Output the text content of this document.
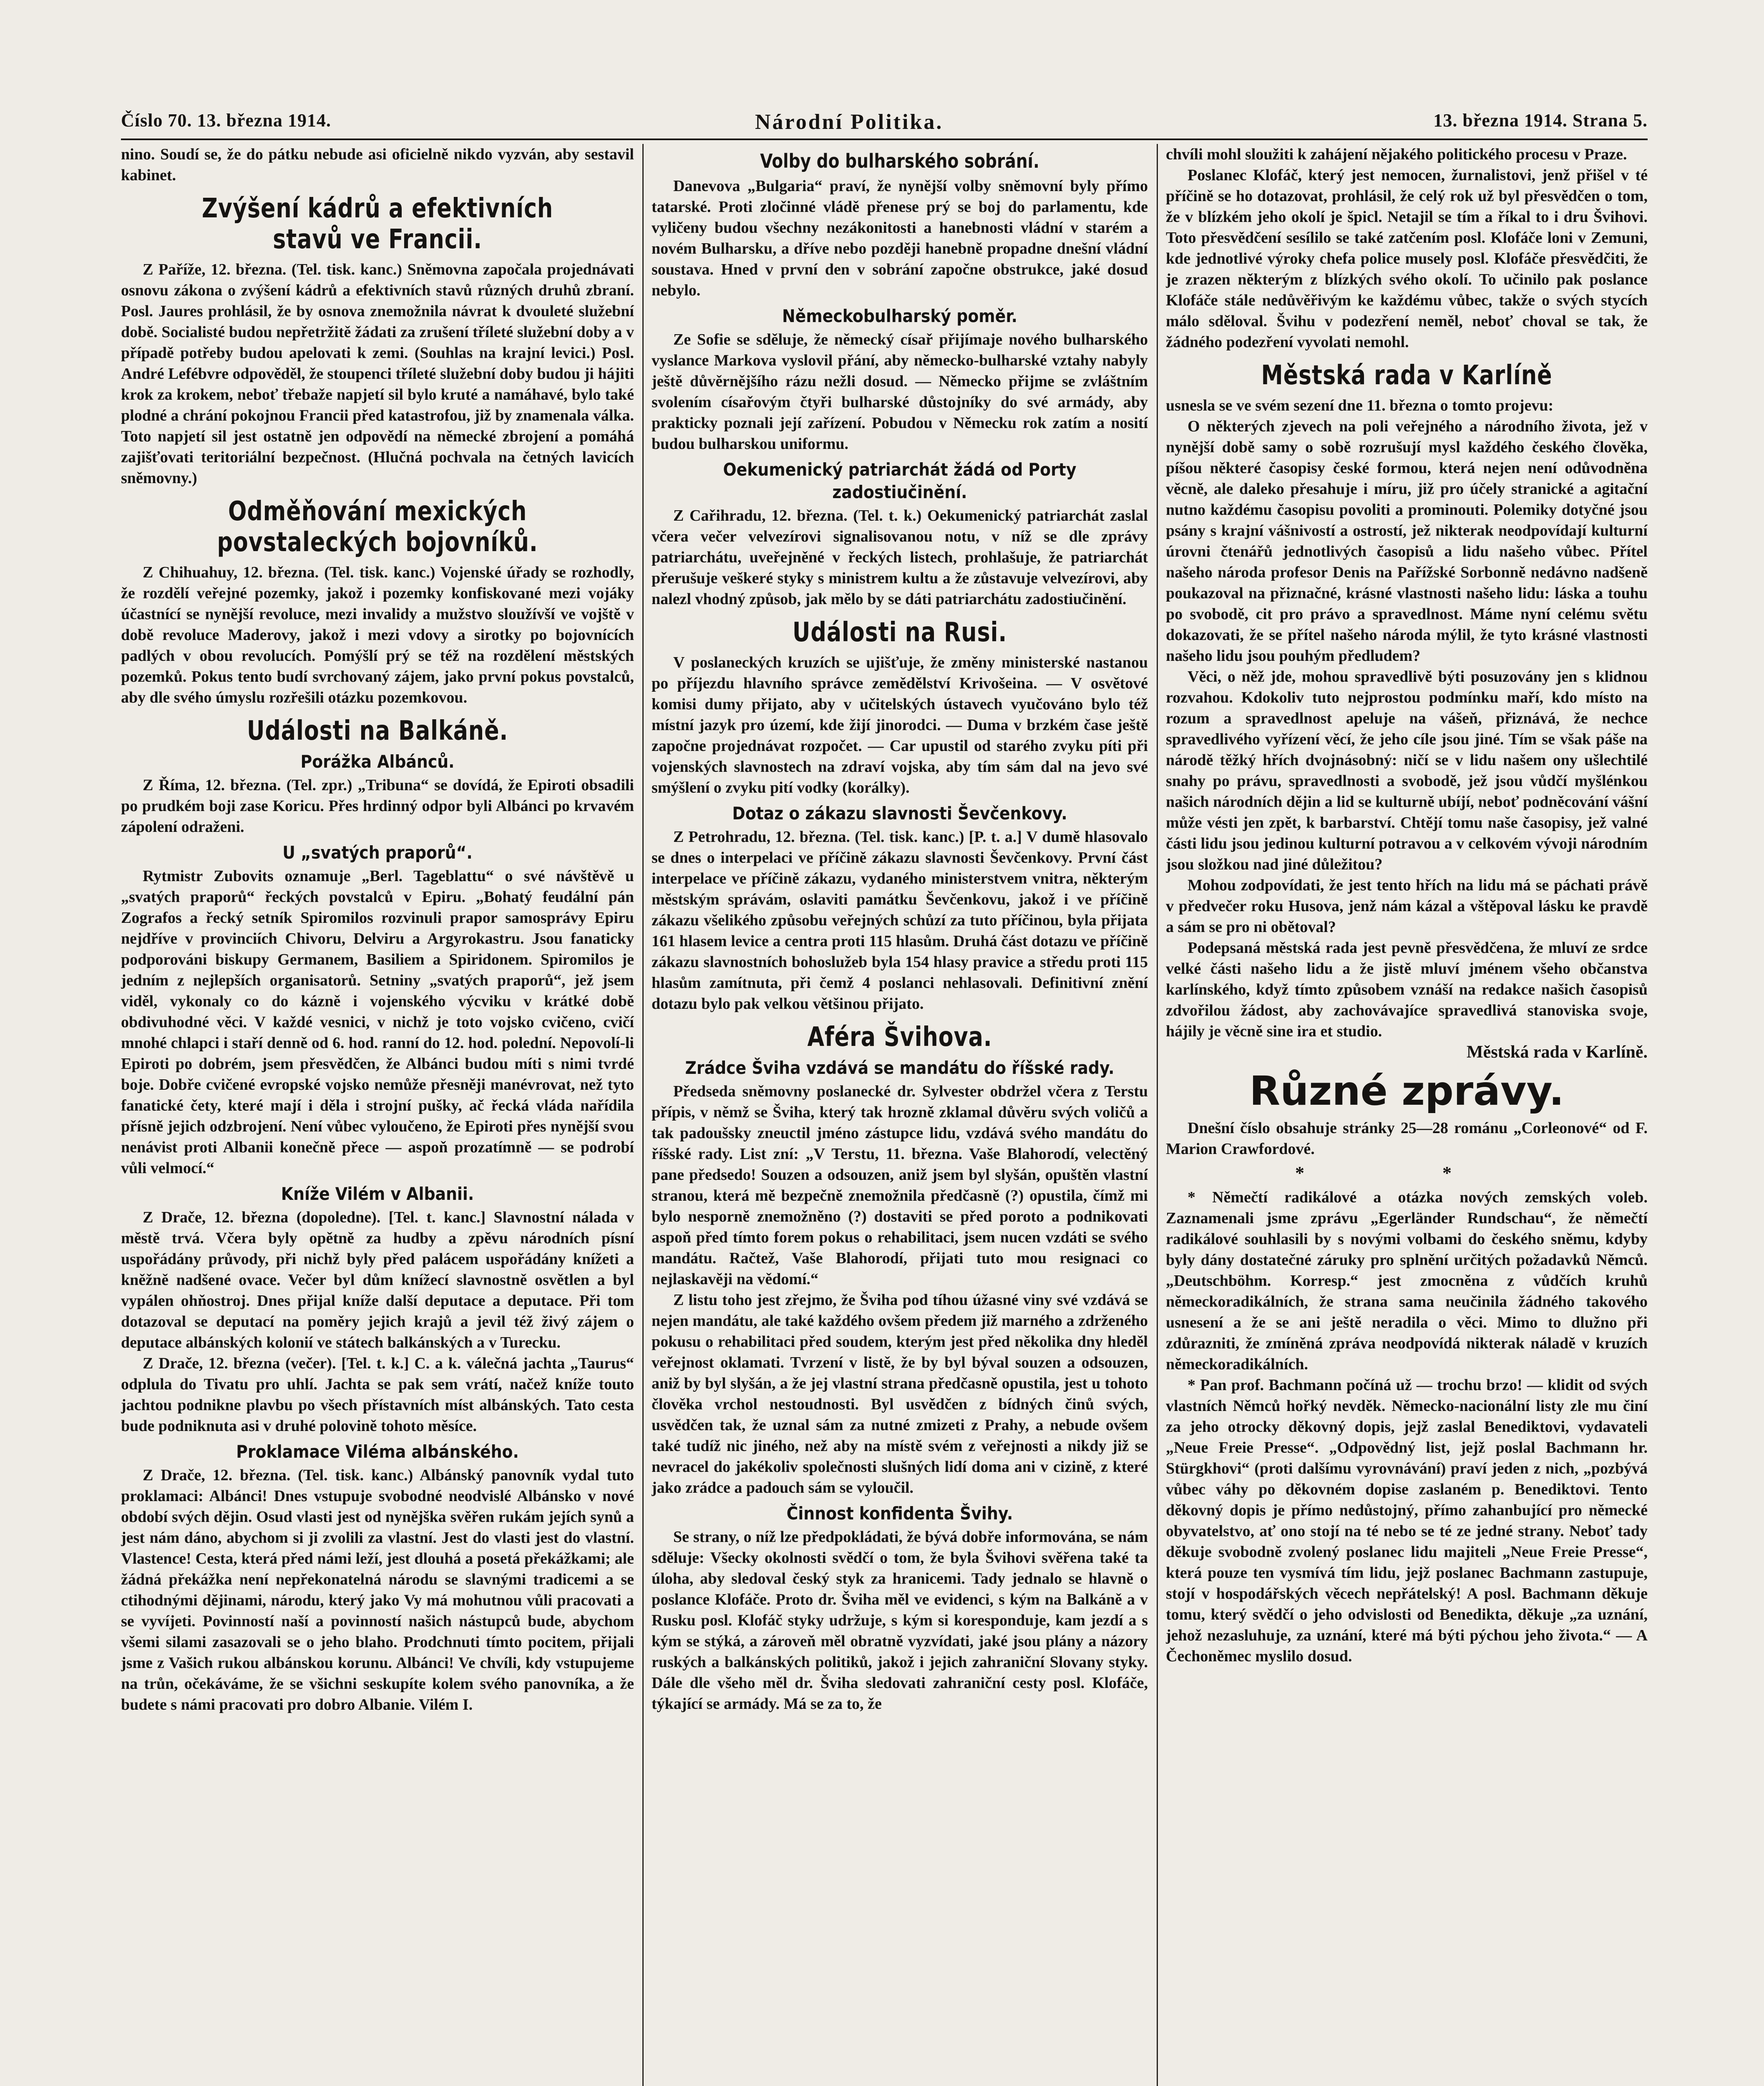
Číslo 70. 13. března 1914.	Národní Politika.	13. března 1914. Strana 5.

nino. Soudí se, že do pátku nebude asi oficielně nikdo vyzván, aby sestavil kabinet.

Zvýšení kádrů a efektivních stavů ve Francii.

Z Paříže, 12. března. (Tel. tisk. kanc.) Sněmovna započala projednávati osnovu zákona o zvýšení kádrů a efektivních stavů různých druhů zbraní. Posl. Jaures prohlásil, že by osnova znemožnila návrat k dvouleté služební době. Socialisté budou nepřetržitě žádati za zrušení tříleté služební doby a v případě potřeby budou apelovati k zemi. (Souhlas na krajní levici.) Posl. André Lefébvre odpověděl, že stoupenci tříleté služební doby budou ji hájiti krok za krokem, neboť třebaže napjetí sil bylo kruté a namáhavé, bylo také plodné a chrání pokojnou Francii před katastrofou, již by znamenala válka. Toto napjetí sil jest ostatně jen odpovědí na německé zbrojení a pomáhá zajišťovati teritoriální bezpečnost. (Hlučná pochvala na četných lavicích sněmovny.)

Odměňování mexických povstaleckých bojovníků.

Z Chihuahuy, 12. března. (Tel. tisk. kanc.) Vojenské úřady se rozhodly, že rozdělí veřejné pozemky, jakož i pozemky konfiskované mezi vojáky účastnící se nynější revoluce, mezi invalidy a mužstvo sloužívší ve vojště v době revoluce Maderovy, jakož i mezi vdovy a sirotky po bojovnících padlých v obou revolucích. Pomýšlí prý se též na rozdělení městských pozemků. Pokus tento budí svrchovaný zájem, jako první pokus povstalců, aby dle svého úmyslu rozřešili otázku pozemkovou.

Události na Balkáně.
Porážka Albánců.

Z Říma, 12. března. (Tel. zpr.) „Tribuna“ se dovídá, že Epiroti obsadili po prudkém boji zase Koricu. Přes hrdinný odpor byli Albánci po krvavém zápolení odraženi.

U „svatých praporů“.

Rytmistr Zubovits oznamuje „Berl. Tageblattu“ o své návštěvě u „svatých praporů“ řeckých povstalců v Epiru. „Bohatý feudální pán Zografos a řecký setník Spiromilos rozvinuli prapor samosprávy Epiru nejdříve v provinciích Chivoru, Delviru a Argyrokastru. Jsou fanaticky podporováni biskupy Germanem, Basiliem a Spiridonem. Spiromilos je jedním z nejlepších organisatorů. Setniny „svatých praporů“, jež jsem viděl, vykonaly co do kázně i vojenského výcviku v krátké době obdivuhodné věci. V každé vesnici, v nichž je toto vojsko cvičeno, cvičí mnohé chlapci i staří denně od 6. hod. ranní do 12. hod. polední. Nepovolí-li Epiroti po dobrém, jsem přesvědčen, že Albánci budou míti s nimi tvrdé boje. Dobře cvičené evropské vojsko nemůže přesněji manévrovat, než tyto fanatické čety, které mají i děla i strojní pušky, ač řecká vláda nařídila přísně jejich odzbrojení. Není vůbec vyloučeno, že Epiroti přes nynější svou nenávist proti Albanii konečně přece — aspoň prozatímně — se podrobí vůli velmocí.“

Kníže Vilém v Albanii.

Z Drače, 12. března (dopoledne). [Tel. t. kanc.] Slavnostní nálada v městě trvá. Včera byly opětně za hudby a zpěvu národních písní uspořádány průvody, při nichž byly před palácem uspořádány knížeti a kněžně nadšené ovace. Večer byl dům knížecí slavnostně osvětlen a byl vypálen ohňostroj. Dnes přijal kníže další deputace a deputace. Při tom dotazoval se deputací na poměry jejich krajů a jevil též živý zájem o deputace albánských kolonií ve státech balkánských a v Turecku.

Z Drače, 12. března (večer). [Tel. t. k.] C. a k. válečná jachta „Taurus“ odplula do Tivatu pro uhlí. Jachta se pak sem vrátí, načež kníže touto jachtou podnikne plavbu po všech přístavních míst albánských. Tato cesta bude podniknuta asi v druhé polovině tohoto měsíce.

Proklamace Viléma albánského.

Z Drače, 12. března. (Tel. tisk. kanc.) Albánský panovník vydal tuto proklamaci: Albánci! Dnes vstupuje svobodné neodvislé Albánsko v nové období svých dějin. Osud vlasti jest od nynějška svěřen rukám jejích synů a jest nám dáno, abychom si ji zvolili za vlastní. Jest do vlasti jest do vlastní. Vlastence! Cesta, která před námi leží, jest dlouhá a posetá překážkami; ale žádná překážka není nepřekonatelná národu se slavnými tradicemi a se ctihodnými dějinami, národu, který jako Vy má mohutnou vůli pracovati a se vyvíjeti. Povinností naší a povinností našich nástupců bude, abychom všemi silami zasazovali se o jeho blaho. Prodchnuti tímto pocitem, přijali jsme z Vašich rukou albánskou korunu. Albánci! Ve chvíli, kdy vstupujeme na trůn, očekáváme, že se všichni seskupíte kolem svého panovníka, a že budete s námi pracovati pro dobro Albanie. Vilém I.

Volby do bulharského sobrání.

Danevova „Bulgaria“ praví, že nynější volby sněmovní byly přímo tatarské. Proti zločinné vládě přenese prý se boj do parlamentu, kde vyličeny budou všechny nezákonitosti a hanebnosti vládní v starém a novém Bulharsku, a dříve nebo později hanebně propadne dnešní vládní soustava. Hned v první den v sobrání započne obstrukce, jaké dosud nebylo.

Německobulharský poměr.

Ze Sofie se sděluje, že německý císař přijímaje nového bulharského vyslance Markova vyslovil přání, aby německo-bulharské vztahy nabyly ještě důvěrnějšího rázu nežli dosud. — Německo přijme se zvláštním svolením císařovým čtyři bulharské důstojníky do své armády, aby prakticky poznali její zařízení. Pobudou v Německu rok zatím a nosití budou bulharskou uniformu.

Oekumenický patriarchát žádá od Porty zadostiučinění.

Z Cařihradu, 12. března. (Tel. t. k.) Oekumenický patriarchát zaslal včera večer velvezírovi signalisovanou notu, v níž se dle zprávy patriarchátu, uveřejněné v řeckých listech, prohlašuje, že patriarchát přerušuje veškeré styky s ministrem kultu a že zůstavuje velvezírovi, aby nalezl vhodný způsob, jak mělo by se dáti patriarchátu zadostiučinění.

Události na Rusi.

V poslaneckých kruzích se ujišťuje, že změny ministerské nastanou po příjezdu hlavního správce zemědělství Krivošeina. — V osvětové komisi dumy přijato, aby v učitelských ústavech vyučováno bylo též místní jazyk pro území, kde žijí jinorodci. — Duma v brzkém čase ještě započne projednávat rozpočet. — Car upustil od starého zvyku píti při vojenských slavnostech na zdraví vojska, aby tím sám dal na jevo své smýšlení o zvyku pití vodky (korálky).

Dotaz o zákazu slavnosti Ševčenkovy.

Z Petrohradu, 12. března. (Tel. tisk. kanc.) [P. t. a.] V dumě hlasovalo se dnes o interpelaci ve příčině zákazu slavnosti Ševčenkovy. První část interpelace ve příčině zákazu, vydaného ministerstvem vnitra, některým městským správám, oslaviti památku Ševčenkovu, jakož i ve příčině zákazu všelikého způsobu veřejných schůzí za tuto příčinou, byla přijata 161 hlasem levice a centra proti 115 hlasům. Druhá část dotazu ve příčině zákazu slavnostních bohoslužeb byla 154 hlasy pravice a středu proti 115 hlasům zamítnuta, při čemž 4 poslanci nehlasovali. Definitivní znění dotazu bylo pak velkou většinou přijato.

Aféra Švihova.
Zrádce Šviha vzdává se mandátu do říšské rady.

Předseda sněmovny poslanecké dr. Sylvester obdržel včera z Terstu přípis, v němž se Šviha, který tak hrozně zklamal důvěru svých voličů a tak padoušsky zneuctil jméno zástupce lidu, vzdává svého mandátu do říšské rady. List zní: „V Terstu, 11. března. Vaše Blahorodí, velectěný pane předsedo! Souzen a odsouzen, aniž jsem byl slyšán, opuštěn vlastní stranou, která mě bezpečně znemožnila předčasně (?) opustila, čímž mi bylo nesporně znemožněno (?) dostaviti se před poroto a podnikovati aspoň před tímto forem pokus o rehabilitaci, jsem nucen vzdáti se svého mandátu. Račtež, Vaše Blahorodí, přijati tuto mou resignaci co nejlaskavěji na vědomí.“

Z listu toho jest zřejmo, že Šviha pod tíhou úžasné viny své vzdává se nejen mandátu, ale také každého ovšem předem již marného a zdrženého pokusu o rehabilitaci před soudem, kterým jest před několika dny hleděl veřejnost oklamati. Tvrzení v listě, že by byl býval souzen a odsouzen, aniž by byl slyšán, a že jej vlastní strana předčasně opustila, jest u tohoto člověka vrchol nestoudnosti. Byl usvědčen z bídných činů svých, usvědčen tak, že uznal sám za nutné zmizeti z Prahy, a nebude ovšem také tudíž nic jiného, než aby na místě svém z veřejnosti a nikdy již se nevracel do jakékoliv společnosti slušných lidí doma ani v cizině, z které jako zrádce a padouch sám se vyloučil.

Činnost konfidenta Švihy.

Se strany, o níž lze předpokládati, že bývá dobře informována, se nám sděluje: Všecky okolnosti svědčí o tom, že byla Švihovi svěřena také ta úloha, aby sledoval český styk za hranicemi. Tady jednalo se hlavně o poslance Klofáče. Proto dr. Šviha měl ve evidenci, s kým na Balkáně a v Rusku posl. Klofáč styky udržuje, s kým si koresponduje, kam jezdí a s kým se stýká, a zároveň měl obratně vyzvídati, jaké jsou plány a názory ruských a balkánských politiků, jakož i jejich zahraniční Slovany styky. Dále dle všeho měl dr. Šviha sledovati zahraniční cesty posl. Klofáče, týkající se armády. Má se za to, že

chvíli mohl sloužiti k zahájení nějakého politického procesu v Praze.

Poslanec Klofáč, který jest nemocen, žurnalistovi, jenž přišel v té příčině se ho dotazovat, prohlásil, že celý rok už byl přesvědčen o tom, že v blízkém jeho okolí je špicl. Netajil se tím a říkal to i dru Švihovi. Toto přesvědčení sesílilo se také zatčením posl. Klofáče loni v Zemuni, kde jednotlivé výroky chefa police musely posl. Klofáče přesvědčiti, že je zrazen některým z blízkých svého okolí. To učinilo pak poslance Klofáče stále nedůvěřivým ke každému vůbec, takže o svých stycích málo sděloval. Švihu v podezření neměl, neboť choval se tak, že žádného podezření vyvolati nemohl.

Městská rada v Karlíně

usnesla se ve svém sezení dne 11. března o tomto projevu:

O některých zjevech na poli veřejného a národního života, jež v nynější době samy o sobě rozrušují mysl každého českého člověka, píšou některé časopisy české formou, která nejen není odůvodněna věcně, ale daleko přesahuje i míru, již pro účely stranické a agitační nutno každému časopisu povoliti a prominouti. Polemiky dotyčné jsou psány s krajní vášnivostí a ostrostí, jež nikterak neodpovídají kulturní úrovni čtenářů jednotlivých časopisů a lidu našeho vůbec. Přítel našeho národa profesor Denis na Pařížské Sorbonně nedávno nadšeně poukazoval na přiznačné, krásné vlastnosti našeho lidu: láska a touhu po svobodě, cit pro právo a spravedlnost. Máme nyní celému světu dokazovati, že se přítel našeho národa mýlil, že tyto krásné vlastnosti našeho lidu jsou pouhým předludem?

Věci, o něž jde, mohou spravedlivě býti posuzovány jen s klidnou rozvahou. Kdokoliv tuto nejprostou podmínku maří, kdo místo na rozum a spravedlnost apeluje na vášeň, přiznává, že nechce spravedlivého vyřízení věcí, že jeho cíle jsou jiné. Tím se však páše na národě těžký hřích dvojnásobný: ničí se v lidu našem ony ušlechtilé snahy po právu, spravedlnosti a svobodě, jež jsou vůdčí myšlénkou našich národních dějin a lid se kulturně ubíjí, neboť podněcování vášní může vésti jen zpět, k barbarství. Chtějí tomu naše časopisy, jež valné části lidu jsou jedinou kulturní potravou a v celkovém vývoji národním jsou složkou nad jiné důležitou?

Mohou zodpovídati, že jest tento hřích na lidu má se páchati právě v předvečer roku Husova, jenž nám kázal a vštěpoval lásku ke pravdě a sám se pro ni obětoval?

Podepsaná městská rada jest pevně přesvědčena, že mluví ze srdce velké části našeho lidu a že jistě mluví jménem všeho občanstva karlínského, když tímto způsobem vznáší na redakce našich časopisů zdvořilou žádost, aby zachovávajíce spravedlivá stanoviska svoje, hájily je věcně sine ira et studio.

Městská rada v Karlíně.
Různé zprávy.

Dnešní číslo obsahuje stránky 25—28 románu „Corleonové“ od F. Marion Crawfordové.

* *

* Němečtí radikálové a otázka nových zemských voleb. Zaznamenali jsme zprávu „Egerländer Rundschau“, že němečtí radikálové souhlasili by s novými volbami do českého sněmu, kdyby byly dány dostatečné záruky pro splnění určitých požadavků Němců. „Deutschböhm. Korresp.“ jest zmocněna z vůdčích kruhů německoradikálních, že strana sama neučinila žádného takového usnesení a že se ani ještě neradila o věci. Mimo to dlužno při zdůrazniti, že zmíněná zpráva neodpovídá nikterak náladě v kruzích německoradikálních.

* Pan prof. Bachmann počíná už — trochu brzo! — klidit od svých vlastních Němců hořký nevděk. Německo-nacionální listy zle mu činí za jeho otrocky děkovný dopis, jejž zaslal Benediktovi, vydavateli „Neue Freie Presse“. „Odpovědný list, jejž poslal Bachmann hr. Stürgkhovi“ (proti dalšímu vyrovnávání) praví jeden z nich, „pozbývá vůbec váhy po děkovném dopise zaslaném p. Benediktovi. Tento děkovný dopis je přímo nedůstojný, přímo zahanbující pro německé obyvatelstvo, ať ono stojí na té nebo se té ze jedné strany. Neboť tady děkuje svobodně zvolený poslanec lidu majiteli „Neue Freie Presse“, která pouze ten vysmívá tím lidu, jejž poslanec Bachmann zastupuje, stojí v hospodářských věcech nepřátelský! A posl. Bachmann děkuje tomu, který svědčí o jeho odvislosti od Benedikta, děkuje „za uznání, jehož nezasluhuje, za uznání, které má býti pýchou jeho života.“ — A Čechoněmec myslilo dosud.
